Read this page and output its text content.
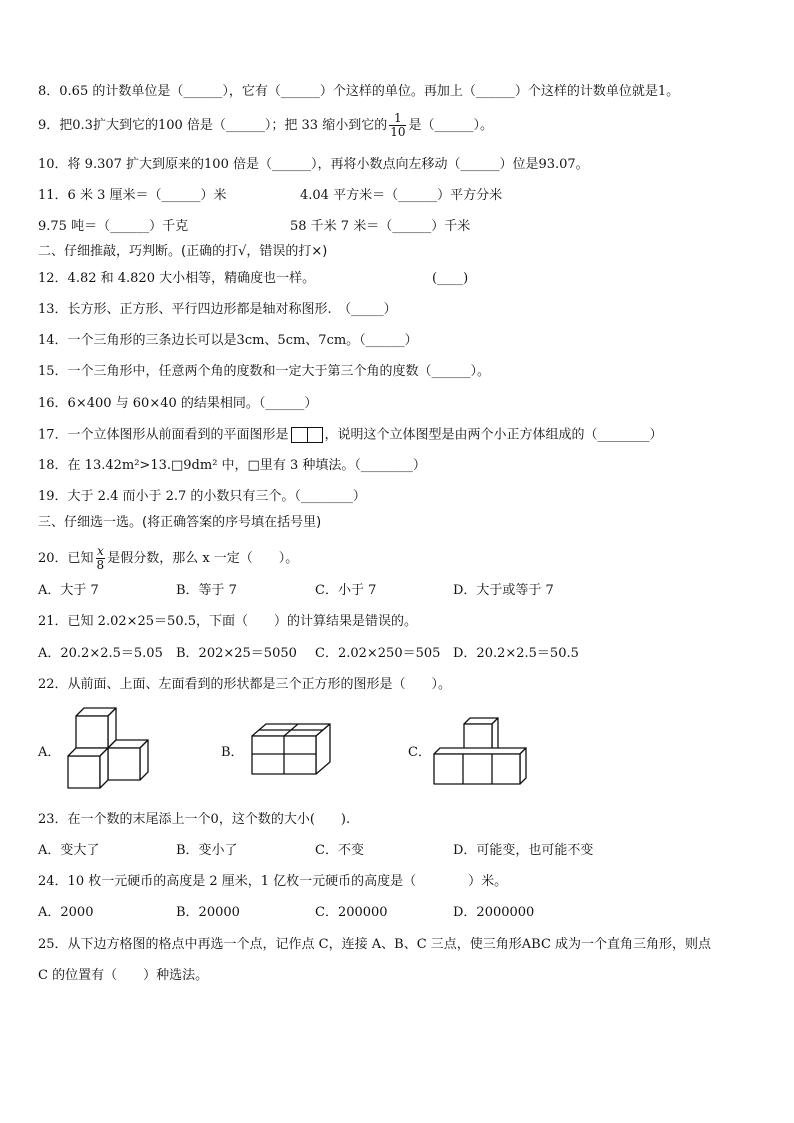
8．0.65 的计数单位是（______），它有（______）个这样的单位。再加上（______）个这样的计数单位就是1。
9．把0.3扩大到它的100 倍是（______）；把 33 缩小到它的 $\frac{1}{10}$ 是（______）。
10．将 9.307 扩大到原来的100 倍是（______），再将小数点向左移动（______）位是93.07。
11．6 米 3 厘米＝（______）米	4.04 平方米＝（______）平方分米
9.75 吨＝（______）千克	58 千米 7 米＝（______）千米
二、仔细推敲，巧判断。(正确的打√，错误的打×)
12．4.82 和 4.820 大小相等，精确度也一样。	(____)
13．长方形、正方形、平行四边形都是轴对称图形.　（_____）
14．一个三角形的三条边长可以是3cm、5cm、7cm。（______）
15．一个三角形中，任意两个角的度数和一定大于第三个角的度数（______）。
16．6×400 与 60×40 的结果相同。（______）
17．一个立体图形从前面看到的平面图形是	，说明这个立体图型是由两个小正方体组成的（________）
18．在 13.42m²>13.□9dm² 中，□里有 3 种填法。（________）
19．大于 2.4 而小于 2.7 的小数只有三个。（________）
三、仔细选一选。(将正确答案的序号填在括号里)
20．已知 $\frac{x}{8}$ 是假分数，那么 x 一定（　　）。
A．大于 7	B．等于 7	C．小于 7	D．大于或等于 7
21．已知 2.02×25＝50.5，下面（　　）的计算结果是错误的。
A．20.2×2.5＝5.05 B．202×25＝5050 C．2.02×250＝505 D．20.2×2.5＝50.5
22．从前面、上面、左面看到的形状都是三个正方形的图形是（　　）。
A．	B．	C．
23．在一个数的末尾添上一个0，这个数的大小(　　).
A．变大了	B．变小了	C．不变	D．可能变，也可能不变
24．10 枚一元硬币的高度是 2 厘米，1 亿枚一元硬币的高度是（　　　　）米。
A．2000	B．20000	C．200000	D．2000000
25．从下边方格图的格点中再选一个点，记作点 C，连接 A、B、C 三点，使三角形ABC 成为一个直角三角形，则点
C 的位置有（　　）种选法。
